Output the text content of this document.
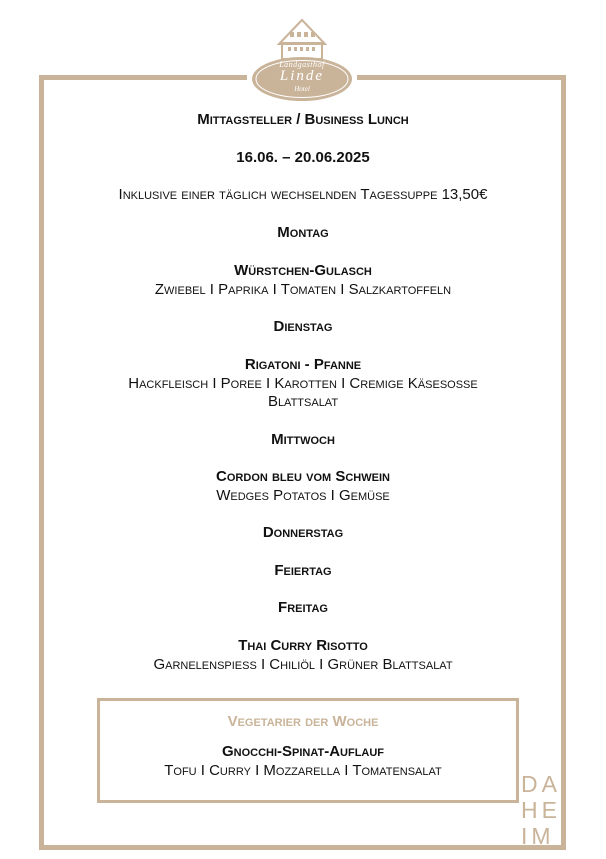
Landgasthof
Linde
Hotel
Mittagsteller / Business Lunch
16.06. – 20.06.2025
Inklusive einer täglich wechselnden Tagessuppe 13,50€
Montag
Würstchen-Gulasch
Zwiebel I Paprika I Tomaten I Salzkartoffeln
Dienstag
Rigatoni - Pfanne
Hackfleisch I Poree I Karotten I Cremige Käsesoße
Blattsalat
Mittwoch
Cordon bleu vom Schwein
Wedges Potatos I Gemüse
Donnerstag
Feiertag
Freitag
Thai Curry Risotto
Garnelenspieß I Chiliöl I Grüner Blattsalat
Vegetarier der Woche
Gnocchi-Spinat-Auflauf
Tofu I Curry I Mozzarella I Tomatensalat
DA
HE
IM
